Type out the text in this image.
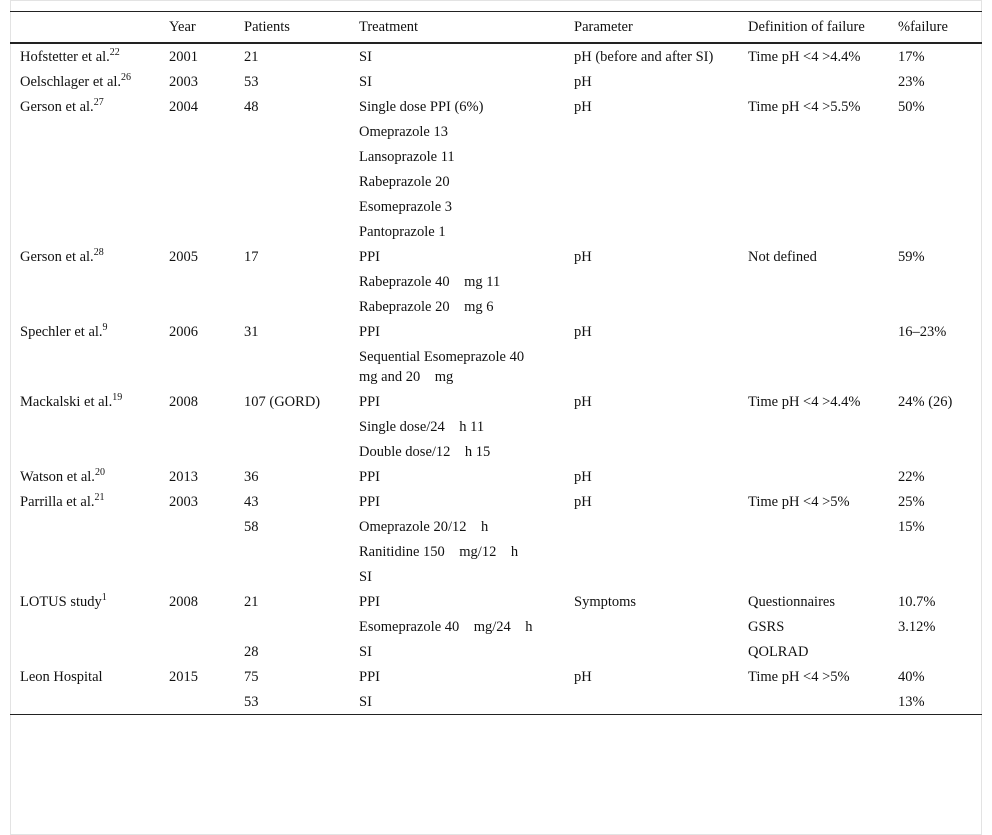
	Year	Patients	Treatment	Parameter	Definition of failure	%failure
Hofstetter et al.$^{22}$	2001	21	SI	pH (before and after SI)	Time pH <4 >4.4%	17%
Oelschlager et al.$^{26}$	2003	53	SI	pH		23%
Gerson et al.$^{27}$	2004	48	Single dose PPI (6%)	pH	Time pH <4 >5.5%	50%
			Omeprazole 13			
			Lansoprazole 11			
			Rabeprazole 20			
			Esomeprazole 3			
			Pantoprazole 1			
Gerson et al.$^{28}$	2005	17	PPI	pH	Not defined	59%
			Rabeprazole 40 mg 11			
			Rabeprazole 20 mg 6			
Spechler et al.$^9$	2006	31	PPI	pH		16–23%
			Sequential Esomeprazole 40 mg and 20 mg			
Mackalski et al.$^{19}$	2008	107 (GORD)	PPI	pH	Time pH <4 >4.4%	24% (26)
			Single dose/24 h 11			
			Double dose/12 h 15			
Watson et al.$^{20}$	2013	36	PPI	pH		22%
Parrilla et al.$^{21}$	2003	43	PPI	pH	Time pH <4 >5%	25%
		58	Omeprazole 20/12 h			15%
			Ranitidine 150 mg/12 h			
			SI			
LOTUS study$^1$	2008	21	PPI	Symptoms	Questionnaires	10.7%
			Esomeprazole 40 mg/24 h		GSRS	3.12%
		28	SI		QOLRAD	
Leon Hospital	2015	75	PPI	pH	Time pH <4 >5%	40%
		53	SI			13%
